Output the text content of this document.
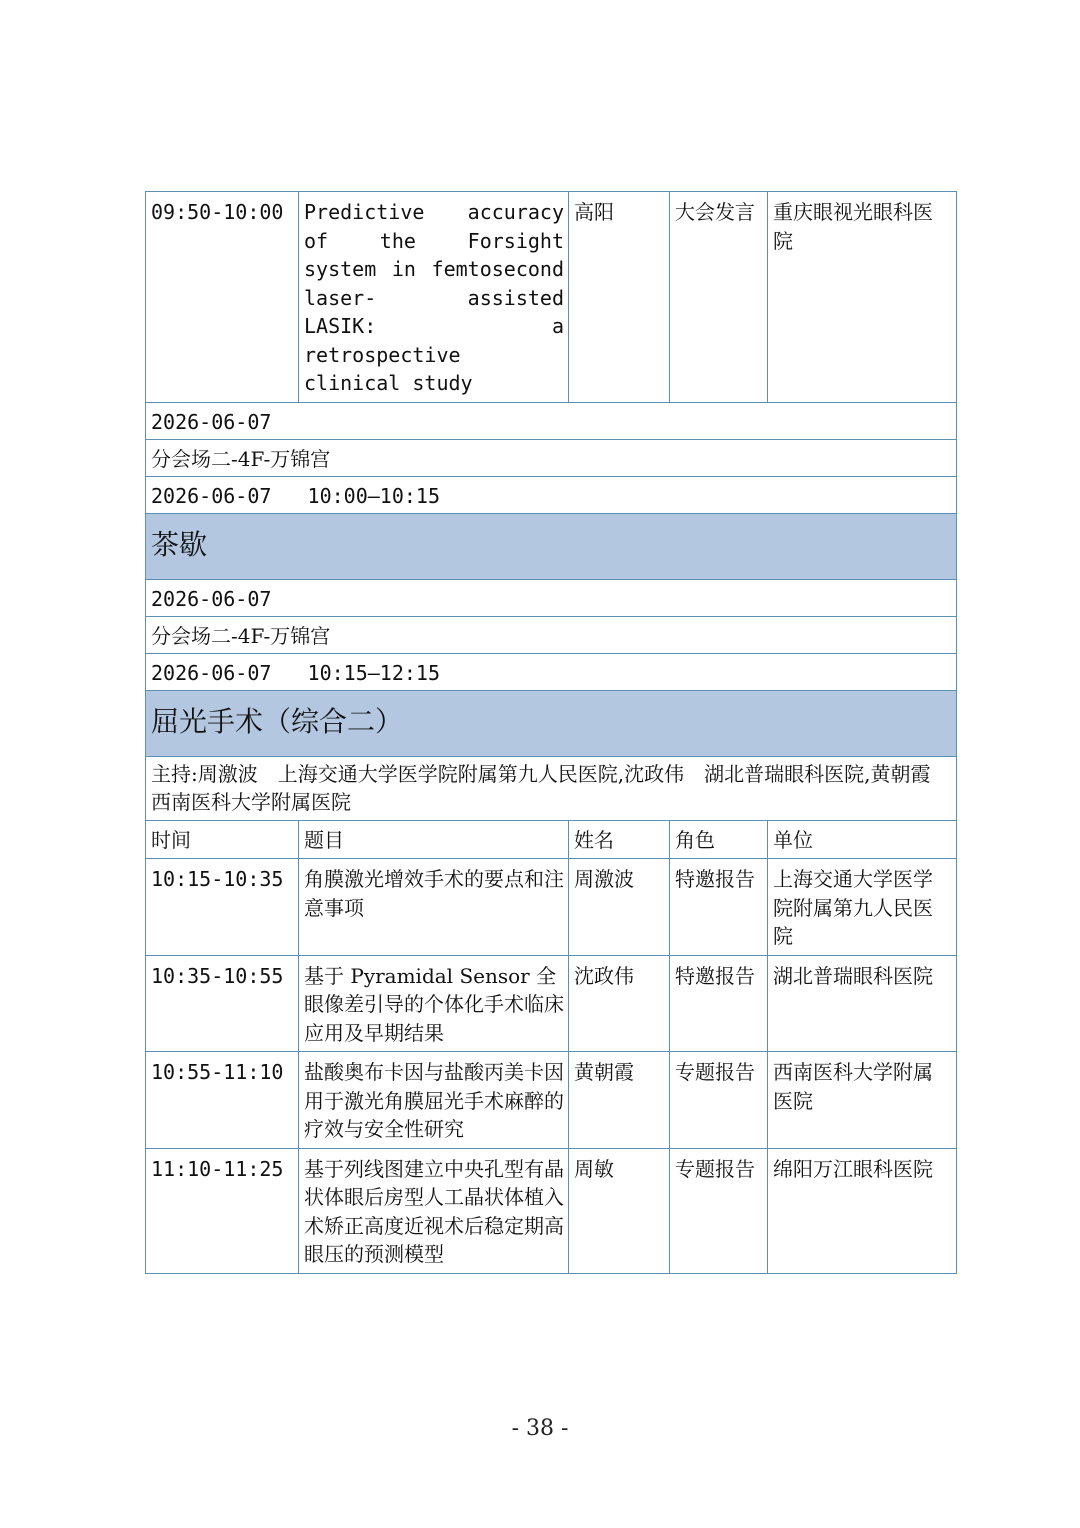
09:50-10:00	Predictive accuracy of the Forsight system in femtosecond laser- assisted LASIK: a retrospective clinical study	高阳	大会发言	重庆眼视光眼科医院
2026-06-07				
分会场二-4F-万锦宫				
2026-06-07   10:00—10:15				
茶歇				
2026-06-07				
分会场二-4F-万锦宫				
2026-06-07   10:15—12:15				
屈光手术（综合二）				
主持:周激波　上海交通大学医学院附属第九人民医院,沈政伟　湖北普瑞眼科医院,黄朝霞　西南医科大学附属医院				
时间	题目	姓名	角色	单位
10:15-10:35	角膜激光增效手术的要点和注意事项	周激波	特邀报告	上海交通大学医学院附属第九人民医院
10:35-10:55	基于 Pyramidal Sensor 全眼像差引导的个体化手术临床应用及早期结果	沈政伟	特邀报告	湖北普瑞眼科医院
10:55-11:10	盐酸奥布卡因与盐酸丙美卡因用于激光角膜屈光手术麻醉的疗效与安全性研究	黄朝霞	专题报告	西南医科大学附属医院
11:10-11:25	基于列线图建立中央孔型有晶状体眼后房型人工晶状体植入术矫正高度近视术后稳定期高眼压的预测模型	周敏	专题报告	绵阳万江眼科医院
- 38 -
